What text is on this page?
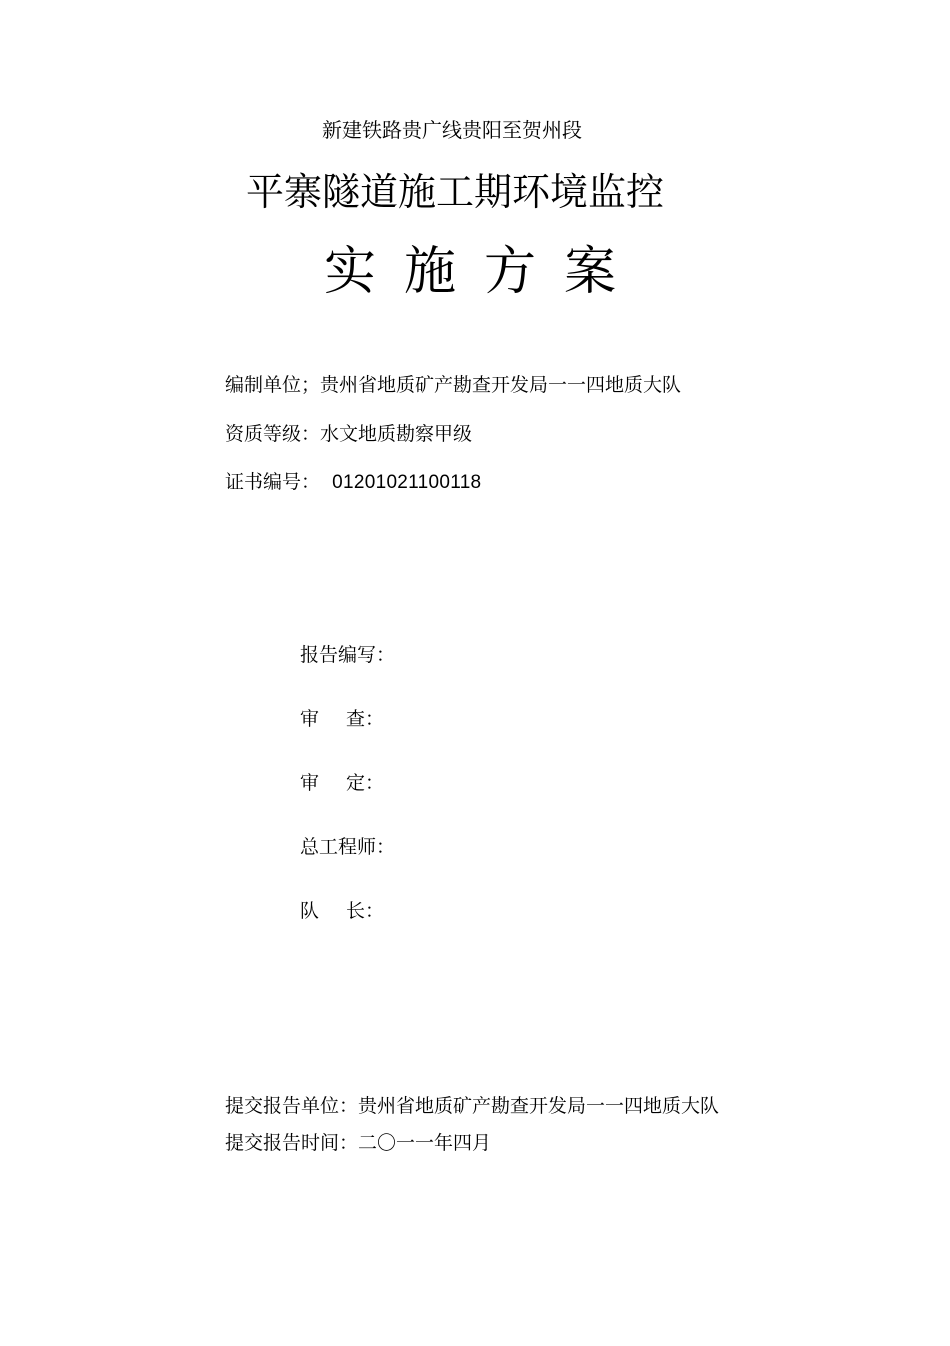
新建铁路贵广线贵阳至贺州段
平寨隧道施工期环境监控
实 施 方 案
编制单位；贵州省地质矿产勘查开发局一一四地质大队
资质等级：水文地质勘察甲级
证书编号： 01201021100118
报告编写：
审 查：
审 定：
总工程师：
队 长：
提交报告单位：贵州省地质矿产勘查开发局一一四地质大队
提交报告时间：二〇一一年四月
